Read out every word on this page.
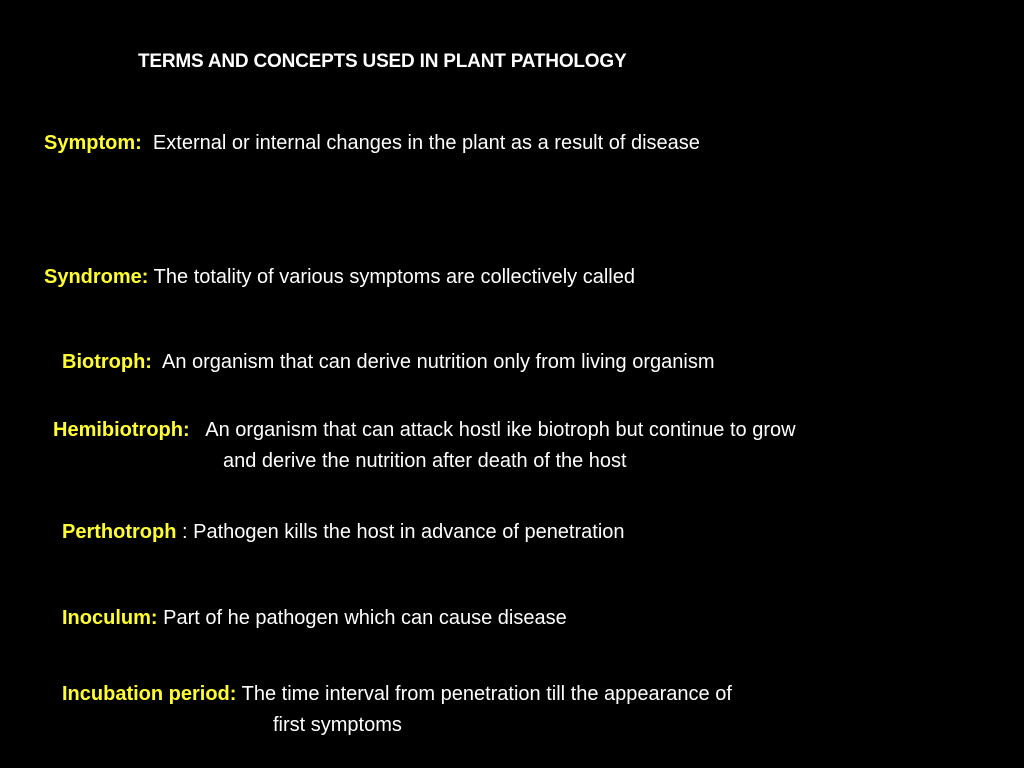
TERMS AND CONCEPTS USED IN PLANT PATHOLOGY
Symptom: External or internal changes in the plant as a result of disease
Syndrome: The totality of various symptoms are collectively called
Biotroph: An organism that can derive nutrition only from living organism
Hemibiotroph: An organism that can attack hostl ike biotroph but continue to grow
and derive the nutrition after death of the host
Perthotroph : Pathogen kills the host in advance of penetration
Inoculum: Part of he pathogen which can cause disease
Incubation period: The time interval from penetration till the appearance of
first symptoms
